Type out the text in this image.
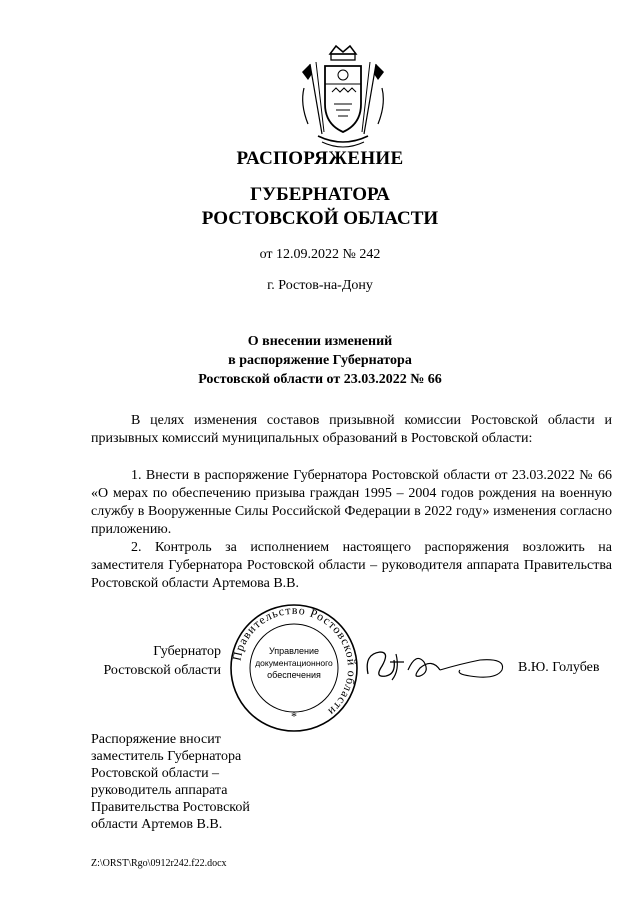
РАСПОРЯЖЕНИЕ
ГУБЕРНАТОРА
РОСТОВСКОЙ ОБЛАСТИ
от 12.09.2022 № 242
г. Ростов-на-Дону
О внесении изменений
в распоряжение Губернатора
Ростовской области от 23.03.2022 № 66
В целях изменения составов призывной комиссии Ростовской области и призывных комиссий муниципальных образований в Ростовской области:
1. Внести в распоряжение Губернатора Ростовской области от 23.03.2022 № 66 «О мерах по обеспечению призыва граждан 1995 – 2004 годов рождения на военную службу в Вооруженные Силы Российской Федерации в 2022 году» изменения согласно приложению.
2. Контроль за исполнением настоящего распоряжения возложить на заместителя Губернатора Ростовской области – руководителя аппарата Правительства Ростовской области Артемова В.В.
Губернатор
Ростовской области
Правительство Ростовской области
Управление
документационного
обеспечения
*
В.Ю. Голубев
Распоряжение вносит
заместитель Губернатора
Ростовской области –
руководитель аппарата
Правительства Ростовской
области Артемов В.В.
Z:\ORST\Rgo\0912r242.f22.docx
